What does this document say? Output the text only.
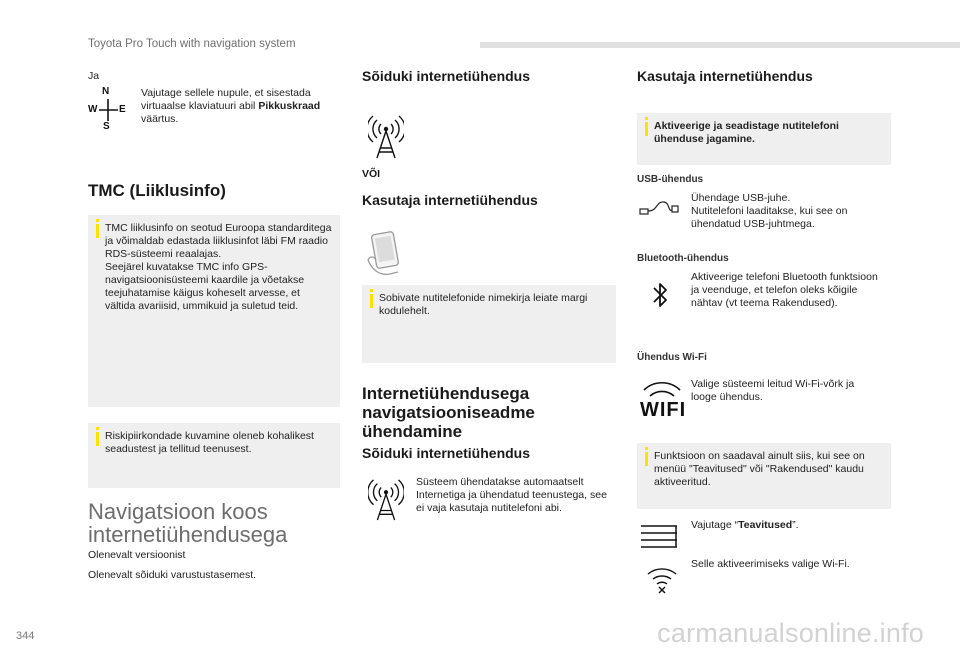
Toyota Pro Touch with navigation system
Ja
N
W E
S
Vajutage sellele nupule, et sisestada virtuaalse klaviatuuri abil Pikkuskraad väärtus.
TMC (Liiklusinfo)
TMC liiklusinfo on seotud Euroopa standarditega ja võimaldab edastada liiklusinfot läbi FM raadio RDS-süsteemi reaalajas.
Seejärel kuvatakse TMC info GPS-navigatsioonisüsteemi kaardile ja võetakse teejuhatamise käigus koheselt arvesse, et vältida avariisid, ummikuid ja suletud teid.
Riskipiirkondade kuvamine oleneb kohalikest seadustest ja tellitud teenusest.
Navigatsioon koos internetiühendusega
Olenevalt versioonist
Olenevalt sõiduki varustustasemest.
Sõiduki internetiühendus
VÕI
Kasutaja internetiühendus
Sobivate nutitelefonide nimekirja leiate margi kodulehelt.
Internetiühendusega navigatsiooniseadme ühendamine
Sõiduki internetiühendus
Süsteem ühendatakse automaatselt Internetiga ja ühendatud teenustega, see ei vaja kasutaja nutitelefoni abi.
Kasutaja internetiühendus
Aktiveerige ja seadistage nutitelefoni ühenduse jagamine.
USB-ühendus
Ühendage USB-juhe.
Nutitelefoni laaditakse, kui see on ühendatud USB-juhtmega.
Bluetooth-ühendus
Aktiveerige telefoni Bluetooth funktsioon ja veenduge, et telefon oleks kõigile nähtav (vt teema Rakendused).
Ühendus Wi-Fi
WIFI
Valige süsteemi leitud Wi-Fi-võrk ja looge ühendus.
Funktsioon on saadaval ainult siis, kui see on menüü "Teavitused" või "Rakendused" kaudu aktiveeritud.
Vajutage “Teavitused”.
Selle aktiveerimiseks valige Wi-Fi.
344	carmanualsonline.info
